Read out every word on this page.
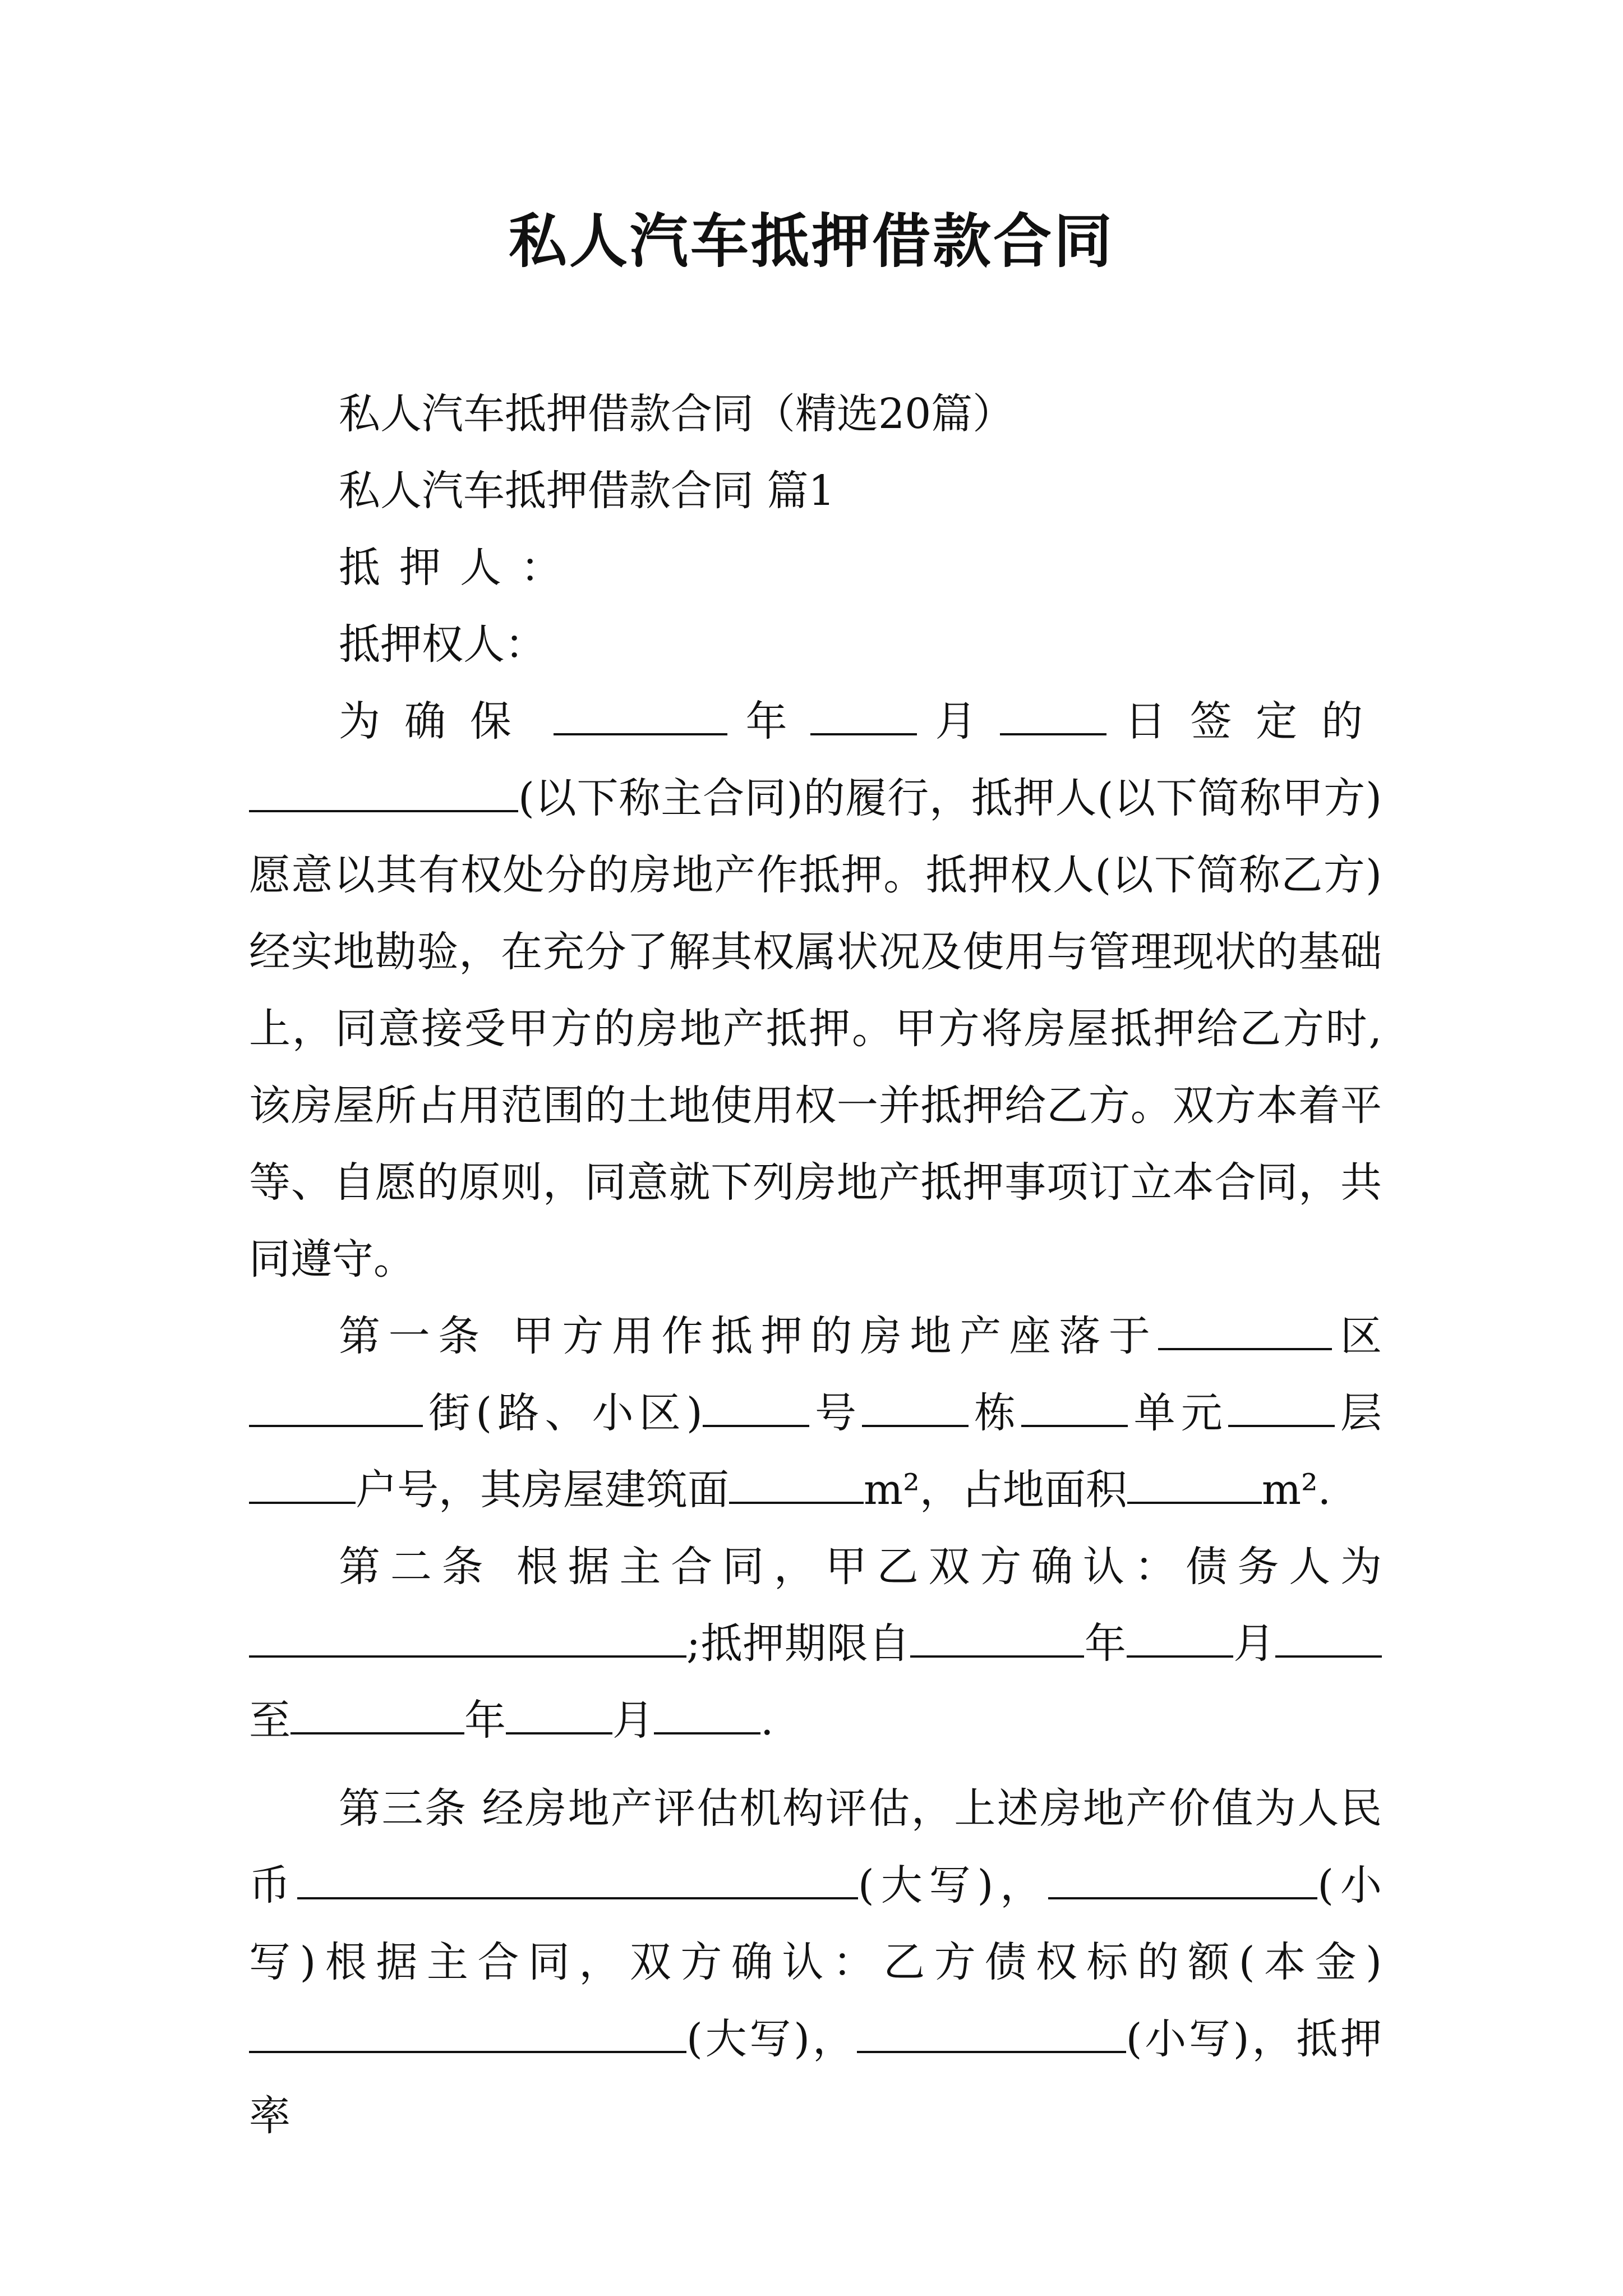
私人汽车抵押借款合同

私人汽车抵押借款合同（精选20篇）

私人汽车抵押借款合同 篇1

抵押人：

抵押权人：

为确保	年	月	日签定的(以下称主合同)的履行，抵押人(以下简称甲方)愿意以其有权处分的房地产作抵押。抵押权人(以下简称乙方)经实地勘验，在充分了解其权属状况及使用与管理现状的基础上，同意接受甲方的房地产抵押。甲方将房屋抵押给乙方时,该房屋所占用范围的土地使用权一并抵押给乙方。双方本着平等、自愿的原则，同意就下列房地产抵押事项订立本合同，共同遵守。

第一条 甲方用作抵押的房地产座落于	区街(路、小区)	号	栋	单元	层户号，其房屋建筑面	m²，占地面积	m².

第二条 根据主合同，甲乙双方确认：债务人为;抵押期限自	年	月至	年	月	.

第三条 经房地产评估机构评估，上述房地产价值为人民币	(大写)，	(小写)根据主合同，双方确认：乙方债权标的额(本金)(大写)，	(小写)，抵押率
